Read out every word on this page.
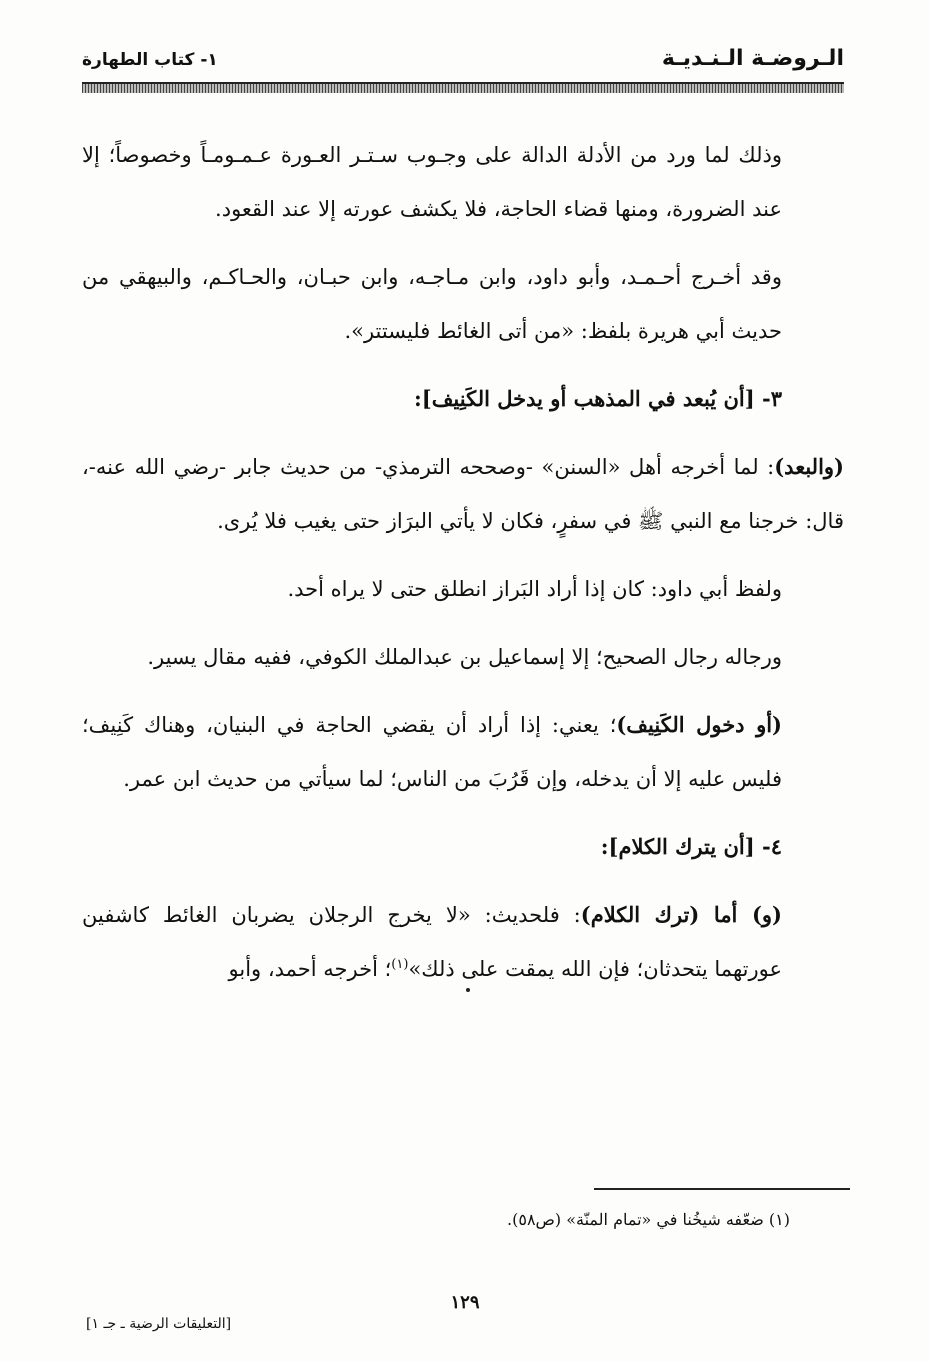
الـروضـة الـنـديـة
١- كتاب الطهارة

وذلك لما ورد من الأدلة الدالة على وجـوب سـتـر العـورة عـمـومـاً وخصوصاً؛ إلا عند الضرورة، ومنها قضاء الحاجة، فلا يكشف عورته إلا عند القعود.

وقد أخـرج أحـمـد، وأبو داود، وابن مـاجـه، وابن حبـان، والحـاكـم، والبيهقي من حديث أبي هريرة بلفظ: «من أتى الغائط فليستتر».

٣- [أن يُبعد في المذهب أو يدخل الكَنِيف]:

(والبعد): لما أخرجه أهل «السنن» -وصححه الترمذي- من حديث جابر -رضي الله عنه-، قال: خرجنا مع النبي ﷺ في سفرٍ، فكان لا يأتي البرَاز حتى يغيب فلا يُرى.

ولفظ أبي داود: كان إذا أراد البَراز انطلق حتى لا يراه أحد.

ورجاله رجال الصحيح؛ إلا إسماعيل بن عبدالملك الكوفي، ففيه مقال يسير.

(أو دخول الكَنِيف)؛ يعني: إذا أراد أن يقضي الحاجة في البنيان، وهناك كَنِيف؛ فليس عليه إلا أن يدخله، وإن قَرُبَ من الناس؛ لما سيأتي من حديث ابن عمر.

٤- [أن يترك الكلام]:

(و) أما (ترك الكلام): فلحديث: «لا يخرج الرجلان يضربان الغائط كاشفين عورتهما يتحدثان؛ فإن الله يمقت على ذلك»$^{(١)}$؛ أخرجه أحمد، وأبو

(١) ضعّفه شيخُنا في «تمام المنّة» (ص٥٨).
١٢٩
[التعليقات الرضية ـ جـ ١]
